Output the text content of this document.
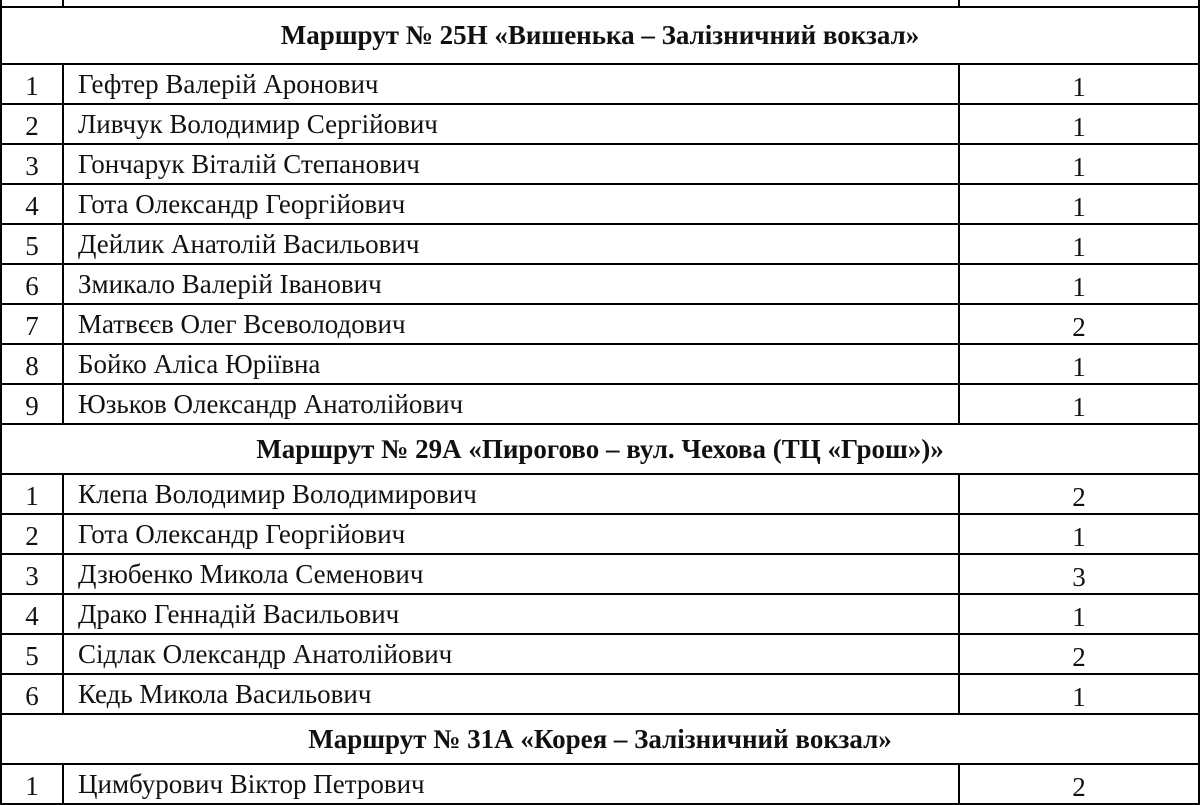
Маршрут № 25Н «Вишенька – Залізничний вокзал»		
1	Гефтер Валерій Аронович	1
2	Ливчук Володимир Сергійович	1
3	Гончарук Віталій Степанович	1
4	Гота Олександр Георгійович	1
5	Дейлик Анатолій Васильович	1
6	Змикало Валерій Іванович	1
7	Матвєєв Олег Всеволодович	2
8	Бойко Аліса Юріївна	1
9	Юзьков Олександр Анатолійович	1
Маршрут № 29А «Пирогово – вул. Чехова (ТЦ «Грош»)»		
1	Клепа Володимир Володимирович	2
2	Гота Олександр Георгійович	1
3	Дзюбенко Микола Семенович	3
4	Драко Геннадій Васильович	1
5	Сідлак Олександр Анатолійович	2
6	Кедь Микола Васильович	1
Маршрут № 31А «Корея – Залізничний вокзал»		
1	Цимбурович Віктор Петрович	2
